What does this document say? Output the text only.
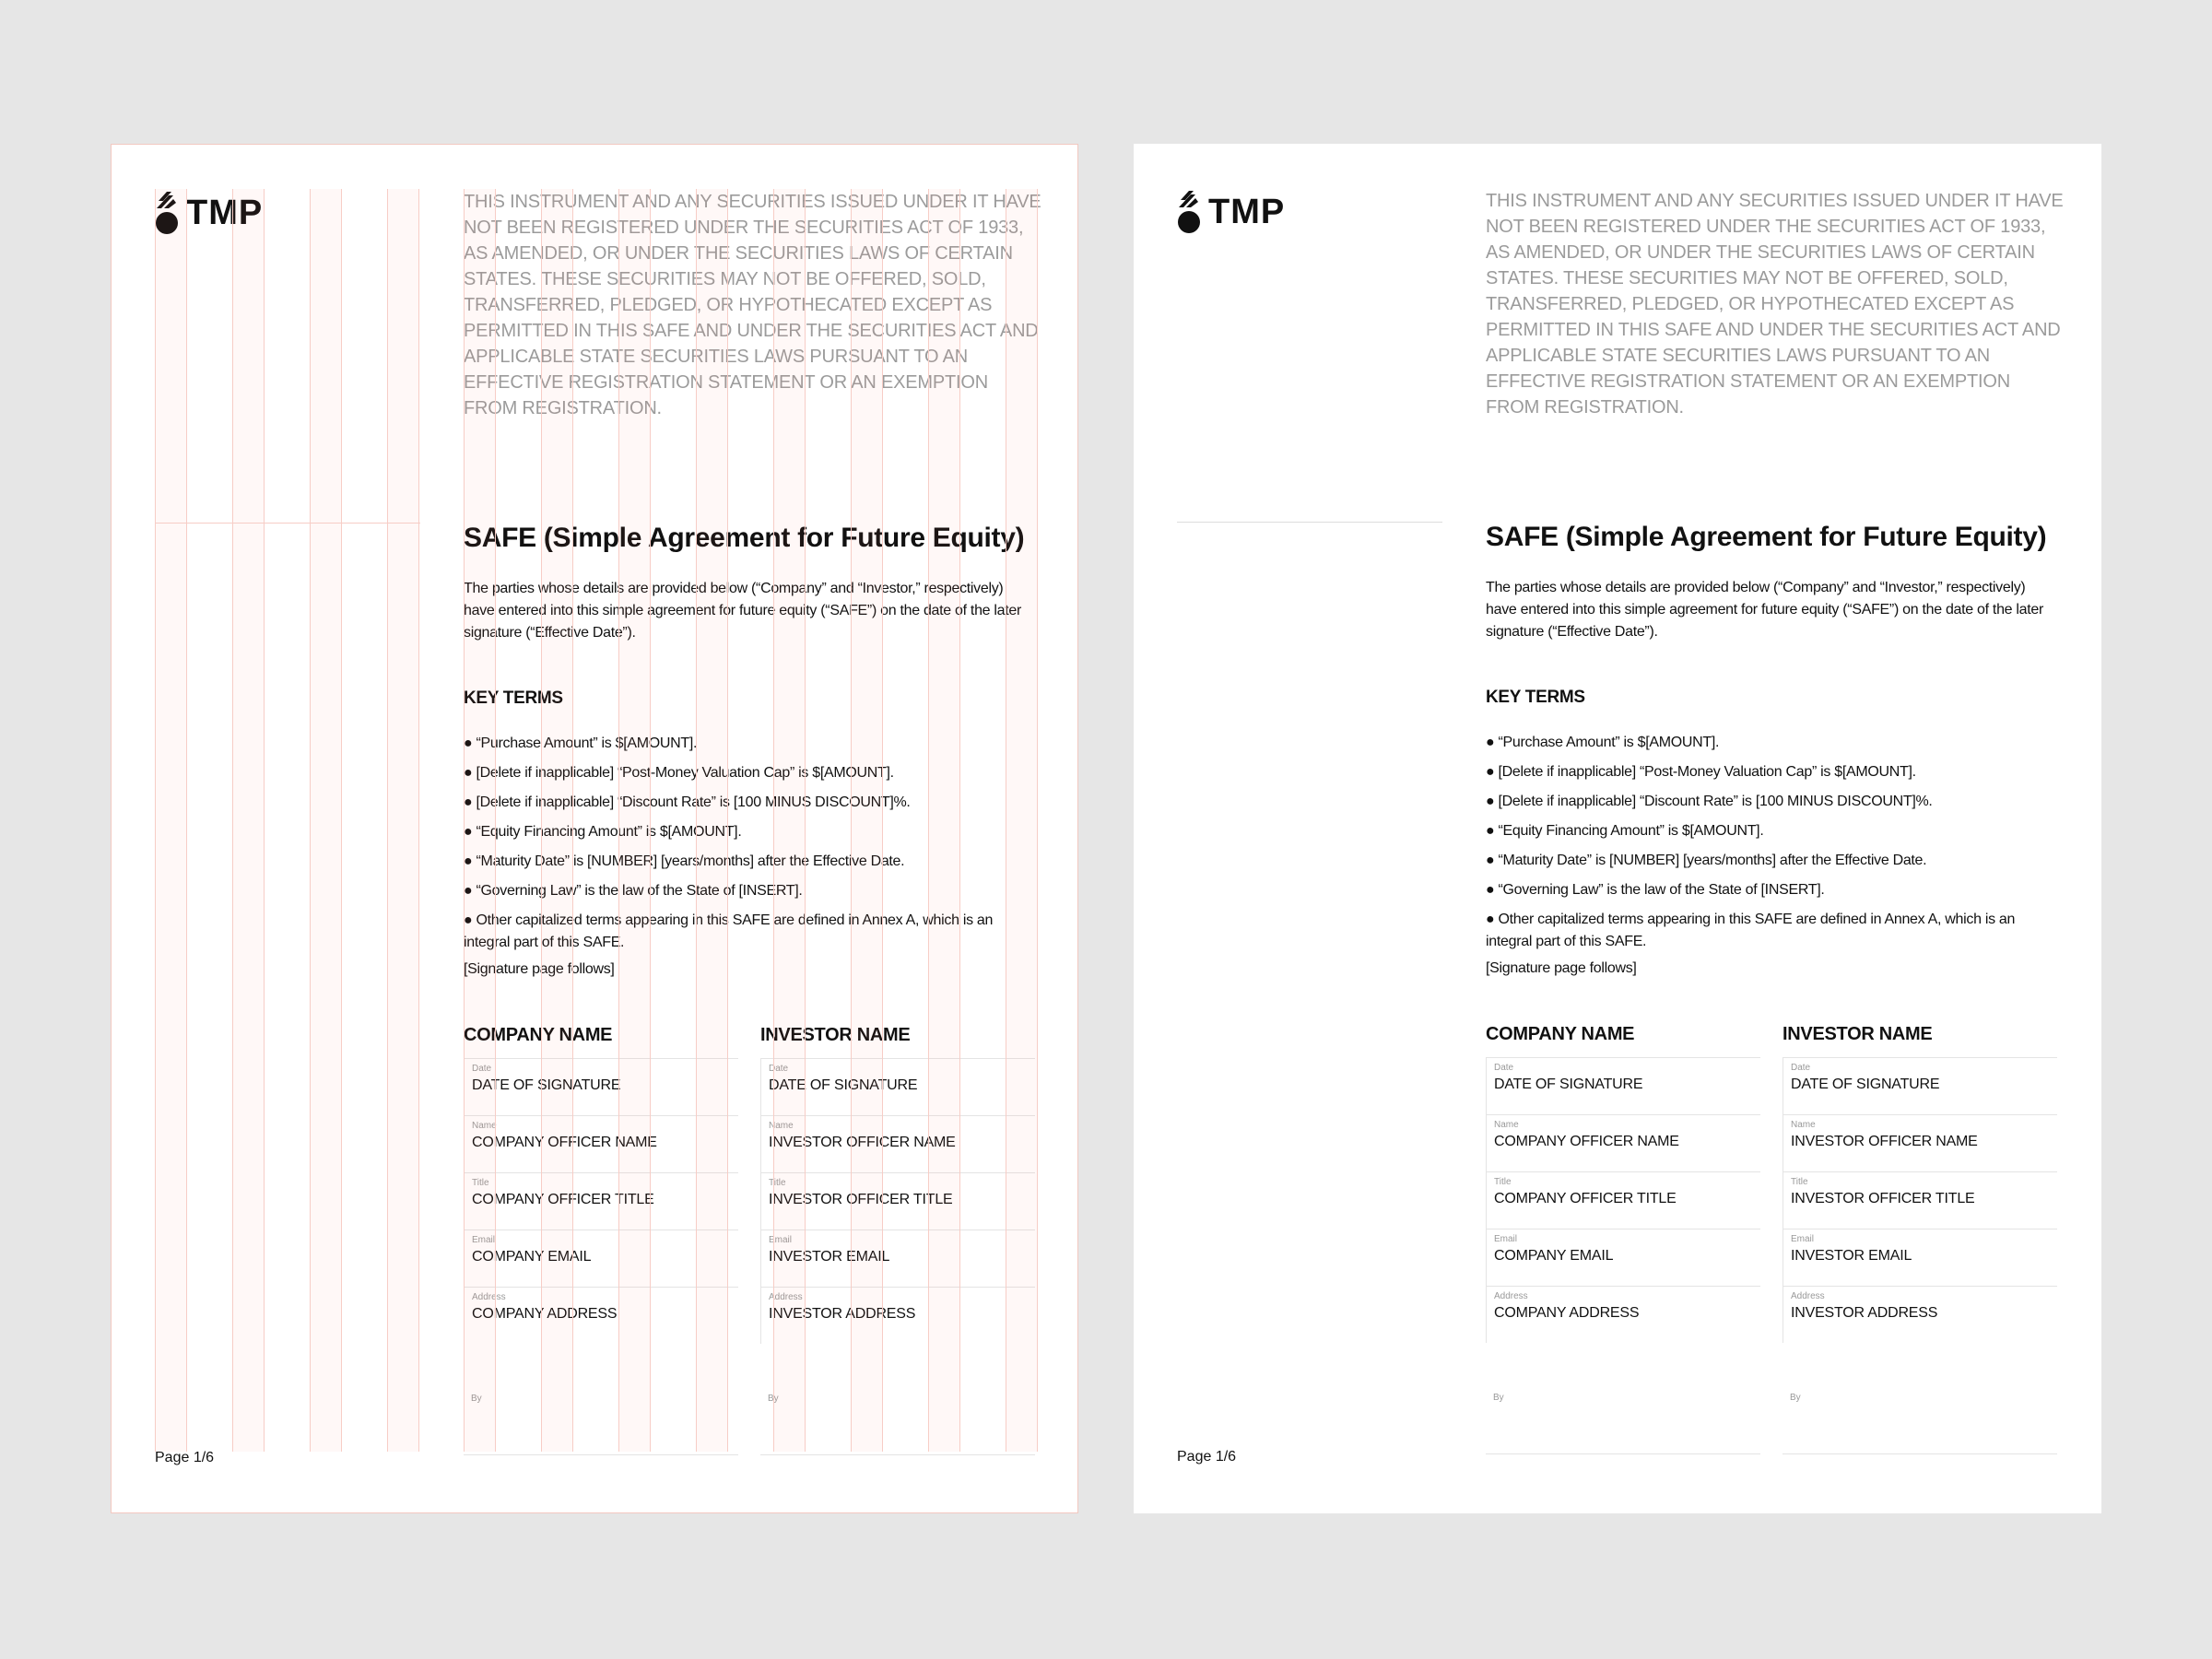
TMP	THIS INSTRUMENT AND ANY SECURITIES ISSUED UNDER IT HAVE NOT BEEN REGISTERED UNDER THE SECURITIES ACT OF 1933, AS AMENDED, OR UNDER THE SECURITIES LAWS OF CERTAIN STATES. THESE SECURITIES MAY NOT BE OFFERED, SOLD, TRANSFERRED, PLEDGED, OR HYPOTHECATED EXCEPT AS PERMITTED IN THIS SAFE AND UNDER THE SECURITIES ACT AND APPLICABLE STATE SECURITIES LAWS PURSUANT TO AN EFFECTIVE REGISTRATION STATEMENT OR AN EXEMPTION FROM REGISTRATION.

SAFE (Simple Agreement for Future Equity)

The parties whose details are provided below (“Company” and “Investor,” respectively) have entered into this simple agreement for future equity (“SAFE”) on the date of the later signature (“Effective Date”).

KEY TERMS
● “Purchase Amount” is $[AMOUNT].
● [Delete if inapplicable] “Post-Money Valuation Cap” is $[AMOUNT].
● [Delete if inapplicable] “Discount Rate” is [100 MINUS DISCOUNT]%.
● “Equity Financing Amount” is $[AMOUNT].
● “Maturity Date” is [NUMBER] [years/months] after the Effective Date.
● “Governing Law” is the law of the State of [INSERT].
● Other capitalized terms appearing in this SAFE are defined in Annex A, which is an integral part of this SAFE.

[Signature page follows]

COMPANY NAME

Date
DATE OF SIGNATURE
Name
COMPANY OFFICER NAME
Title
COMPANY OFFICER TITLE
Email
COMPANY EMAIL
Address
COMPANY ADDRESS
By

INVESTOR NAME

Date
DATE OF SIGNATURE
Name
INVESTOR OFFICER NAME
Title
INVESTOR OFFICER TITLE
Email
INVESTOR EMAIL
Address
INVESTOR ADDRESS
By

Page 1/6

TMP	THIS INSTRUMENT AND ANY SECURITIES ISSUED UNDER IT HAVE NOT BEEN REGISTERED UNDER THE SECURITIES ACT OF 1933, AS AMENDED, OR UNDER THE SECURITIES LAWS OF CERTAIN STATES. THESE SECURITIES MAY NOT BE OFFERED, SOLD, TRANSFERRED, PLEDGED, OR HYPOTHECATED EXCEPT AS PERMITTED IN THIS SAFE AND UNDER THE SECURITIES ACT AND APPLICABLE STATE SECURITIES LAWS PURSUANT TO AN EFFECTIVE REGISTRATION STATEMENT OR AN EXEMPTION FROM REGISTRATION.

SAFE (Simple Agreement for Future Equity)

The parties whose details are provided below (“Company” and “Investor,” respectively) have entered into this simple agreement for future equity (“SAFE”) on the date of the later signature (“Effective Date”).

KEY TERMS
● “Purchase Amount” is $[AMOUNT].
● [Delete if inapplicable] “Post-Money Valuation Cap” is $[AMOUNT].
● [Delete if inapplicable] “Discount Rate” is [100 MINUS DISCOUNT]%.
● “Equity Financing Amount” is $[AMOUNT].
● “Maturity Date” is [NUMBER] [years/months] after the Effective Date.
● “Governing Law” is the law of the State of [INSERT].
● Other capitalized terms appearing in this SAFE are defined in Annex A, which is an integral part of this SAFE.

[Signature page follows]

COMPANY NAME

Date
DATE OF SIGNATURE
Name
COMPANY OFFICER NAME
Title
COMPANY OFFICER TITLE
Email
COMPANY EMAIL
Address
COMPANY ADDRESS
By

INVESTOR NAME

Date
DATE OF SIGNATURE
Name
INVESTOR OFFICER NAME
Title
INVESTOR OFFICER TITLE
Email
INVESTOR EMAIL
Address
INVESTOR ADDRESS
By

Page 1/6
